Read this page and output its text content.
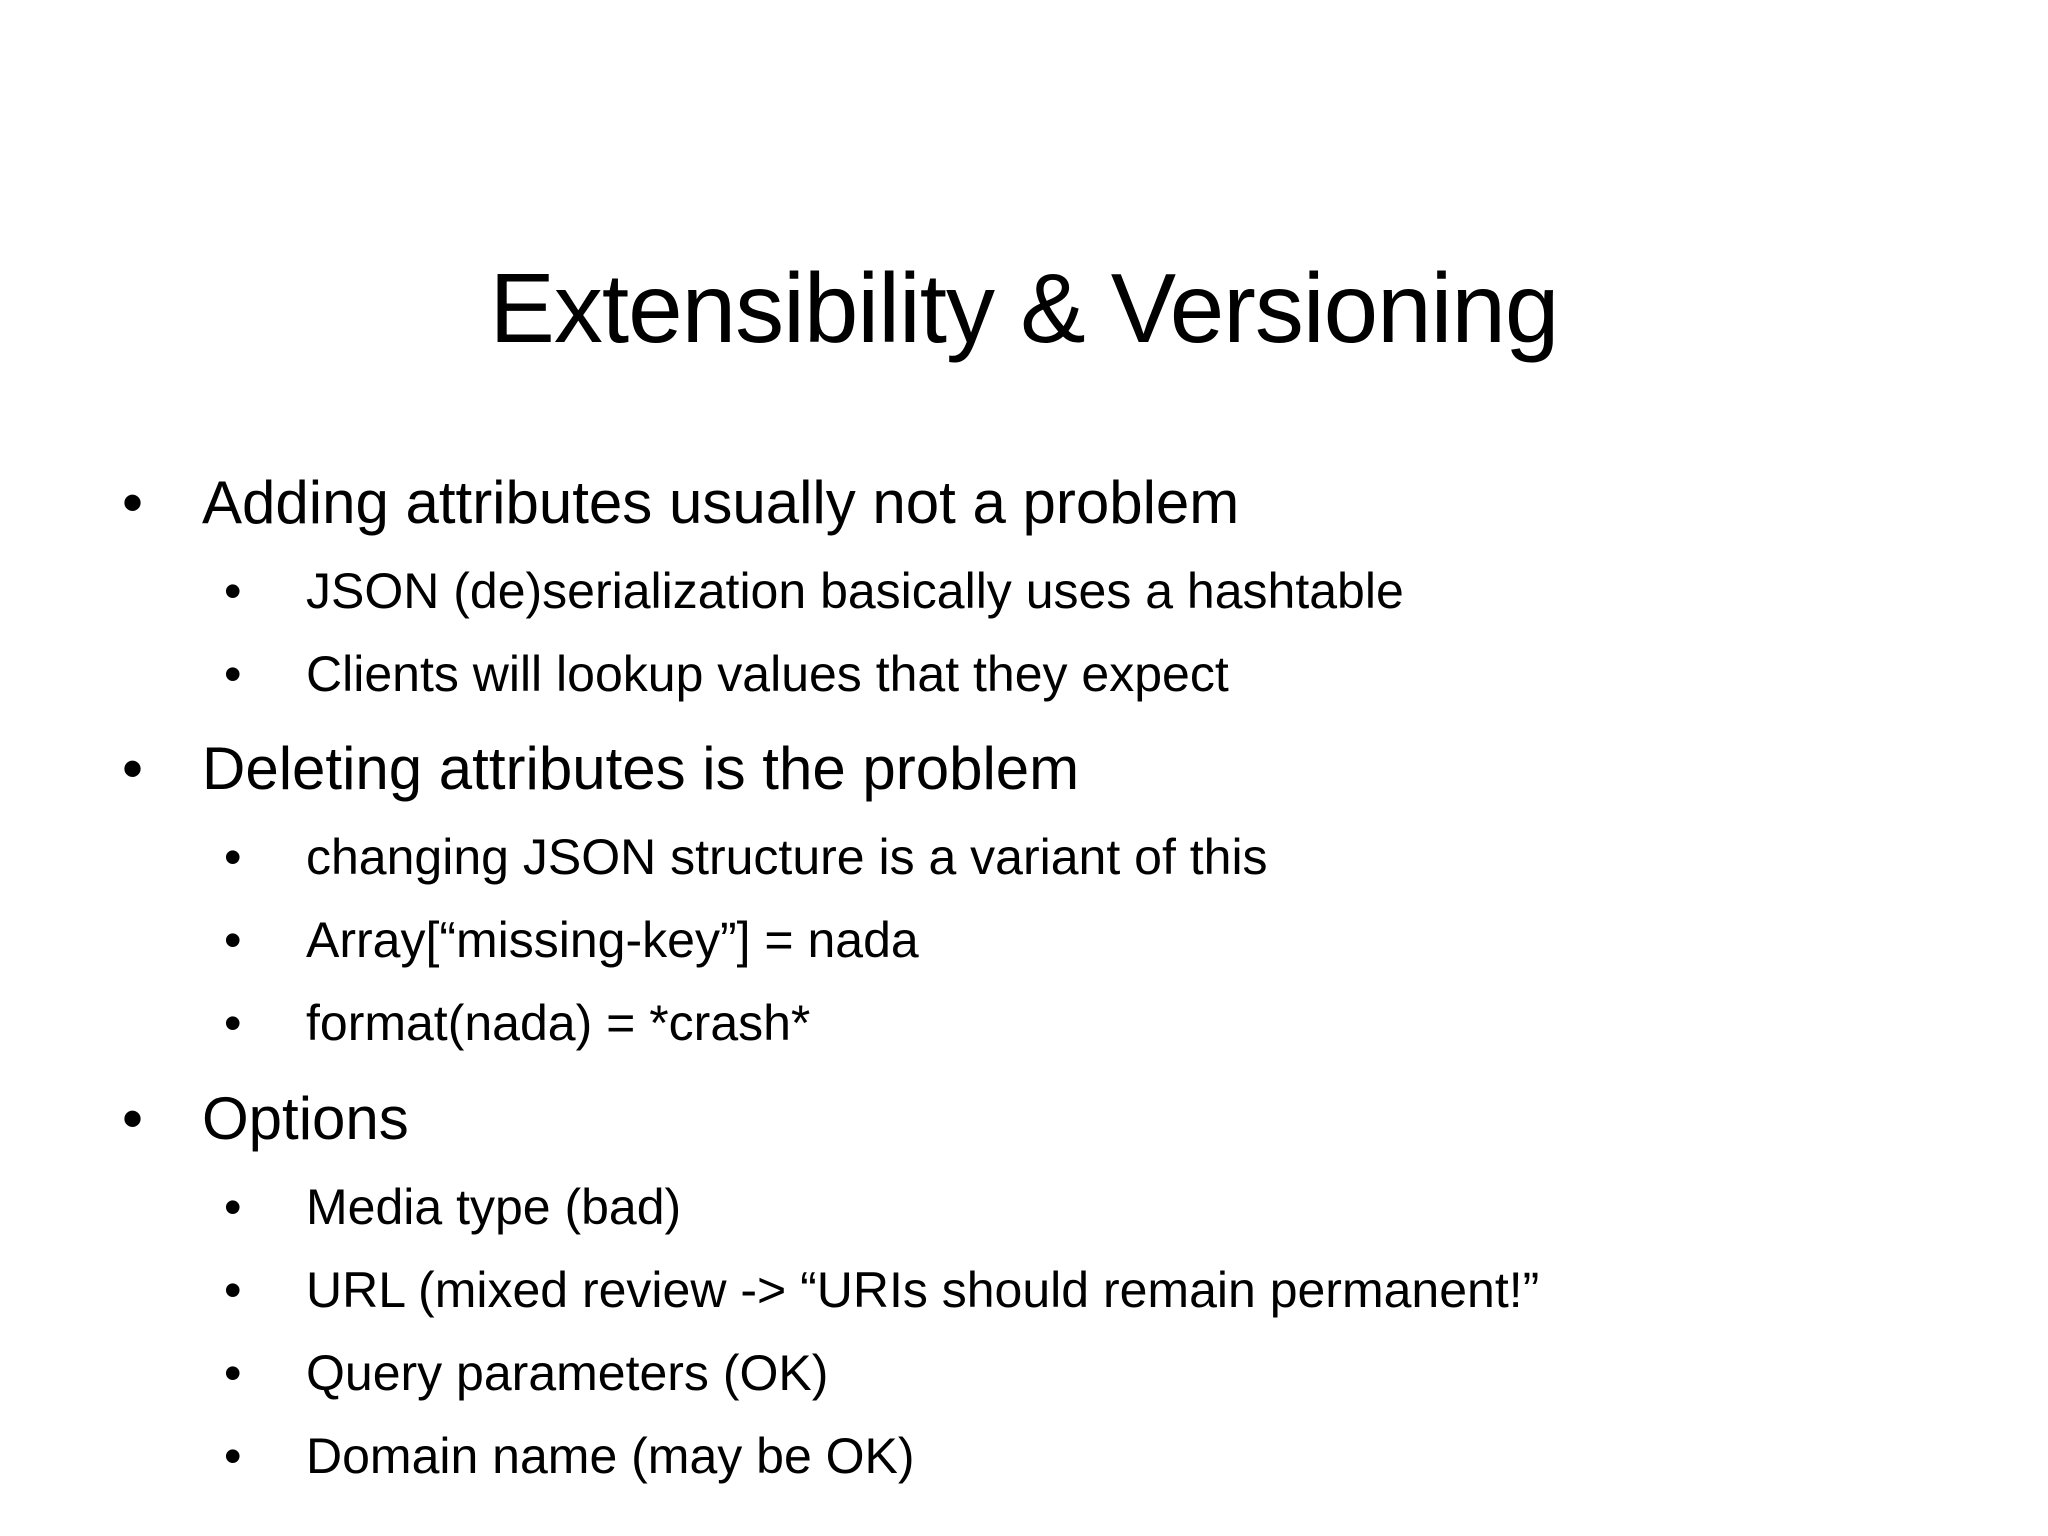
Extensibility & Versioning
• Adding attributes usually not a problem
• JSON (de)serialization basically uses a hashtable
• Clients will lookup values that they expect
• Deleting attributes is the problem
• changing JSON structure is a variant of this
• Array[“missing-key”] = nada
• format(nada) = *crash*
• Options
• Media type (bad)
• URL (mixed review -> “URIs should remain permanent!”
• Query parameters (OK)
• Domain name (may be OK)
